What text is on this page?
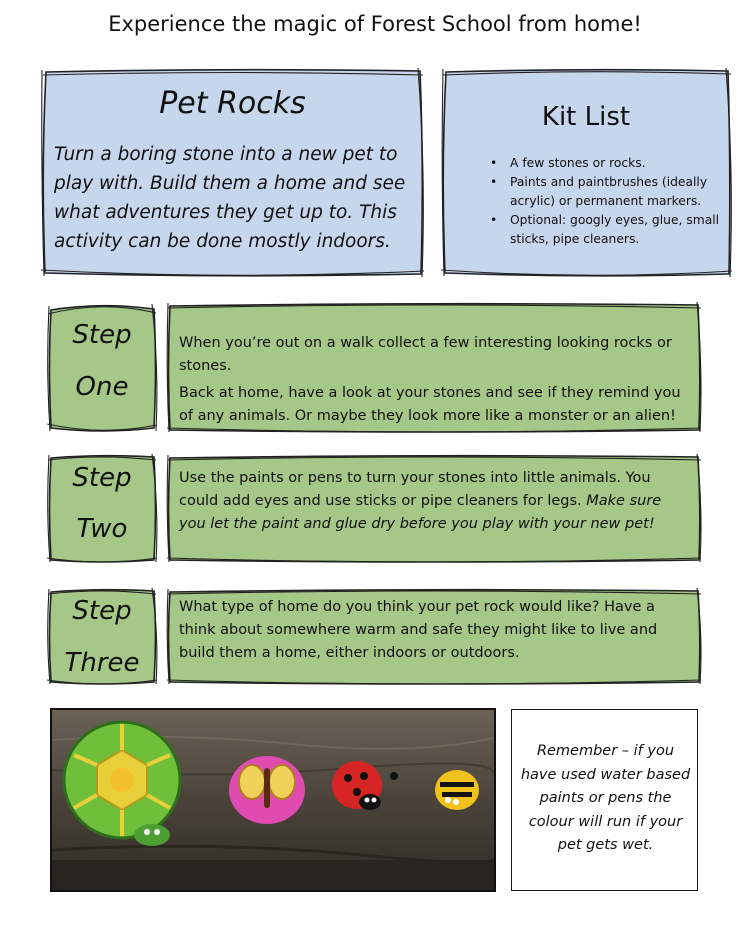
Experience the magic of Forest School from home!
Pet Rocks
Turn a boring stone into a new pet to play with. Build them a home and see what adventures they get up to. This activity can be done mostly indoors.
Kit List
• A few stones or rocks.
• Paints and paintbrushes (ideally acrylic) or permanent markers.
• Optional: googly eyes, glue, small sticks, pipe cleaners.
Step
One

When you’re out on a walk collect a few interesting looking rocks or stones.

Back at home, have a look at your stones and see if they remind you of any animals. Or maybe they look more like a monster or an alien!

Step
Two
Use the paints or pens to turn your stones into little animals. You could add eyes and use sticks or pipe cleaners for legs. Make sure you let the paint and glue dry before you play with your new pet!
Step
Three

What type of home do you think your pet rock would like? Have a think about somewhere warm and safe they might like to live and build them a home, either indoors or outdoors.

Remember – if you have used water based paints or pens the colour will run if your pet gets wet.
